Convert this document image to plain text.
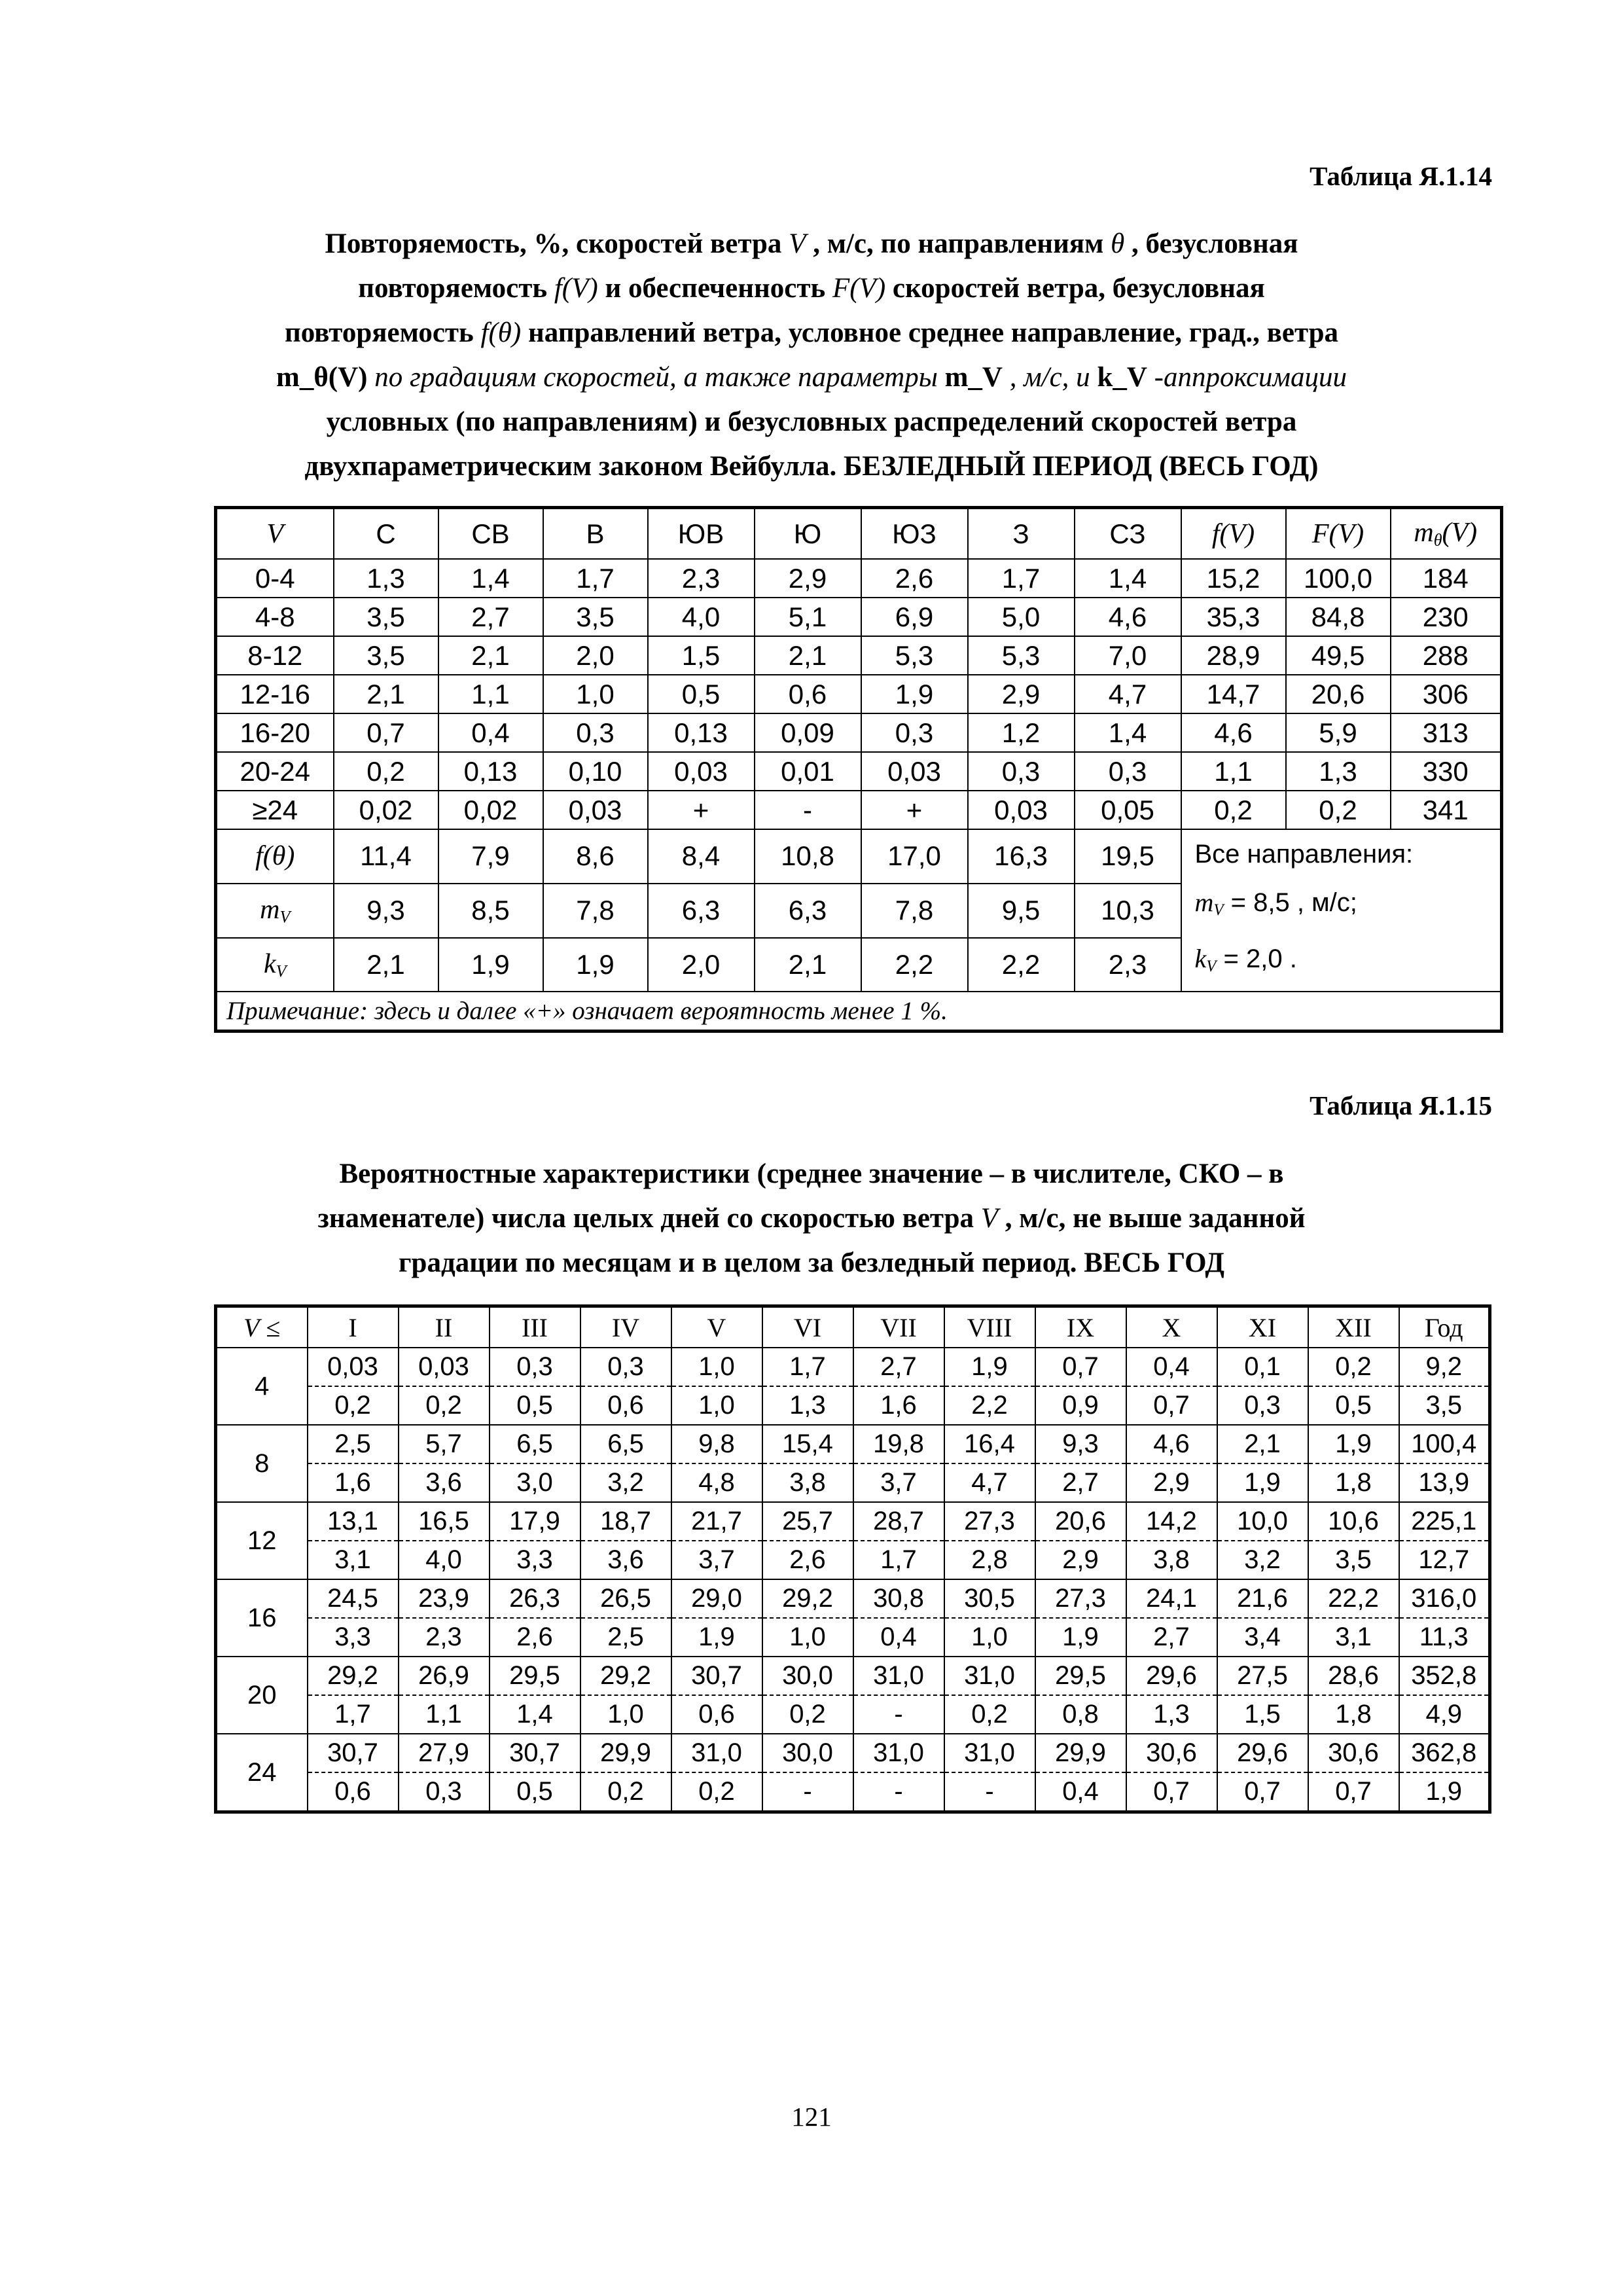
Таблица Я.1.14
Повторяемость, %, скоростей ветра V , м/с, по направлениям θ , безусловная
повторяемость f(V) и обеспеченность F(V) скоростей ветра, безусловная
повторяемость f(θ) направлений ветра, условное среднее направление, град., ветра
m_θ(V) по градациям скоростей, а также параметры m_V , м/с, и k_V -аппроксимации
условных (по направлениям) и безусловных распределений скоростей ветра
двухпараметрическим законом Вейбулла. БЕЗЛЕДНЫЙ ПЕРИОД (ВЕСЬ ГОД)
V	С	СВ	В	ЮВ	Ю	ЮЗ	З	СЗ	f(V)	F(V)	$m_\theta(V)$
0-4	1,3	1,4	1,7	2,3	2,9	2,6	1,7	1,4	15,2	100,0	184
4-8	3,5	2,7	3,5	4,0	5,1	6,9	5,0	4,6	35,3	84,8	230
8-12	3,5	2,1	2,0	1,5	2,1	5,3	5,3	7,0	28,9	49,5	288
12-16	2,1	1,1	1,0	0,5	0,6	1,9	2,9	4,7	14,7	20,6	306
16-20	0,7	0,4	0,3	0,13	0,09	0,3	1,2	1,4	4,6	5,9	313
20-24	0,2	0,13	0,10	0,03	0,01	0,03	0,3	0,3	1,1	1,3	330
≥24	0,02	0,02	0,03	+	-	+	0,03	0,05	0,2	0,2	341
f(θ)	11,4	7,9	8,6	8,4	10,8	17,0	16,3	19,5	Все направления:
$m_V = 8,5$ , м/с;
$k_V = 2,0$ .		

$m_V$	9,3	8,5	7,8	6,3	6,3	7,8	9,5	10,3			
$k_V$	2,1	1,9	1,9	2,0	2,1	2,2	2,2	2,3			
Примечание: здесь и далее «+» означает вероятность менее 1 %.											
Таблица Я.1.15
Вероятностные характеристики (среднее значение – в числителе, СКО – в
знаменателе) числа целых дней со скоростью ветра V , м/с, не выше заданной
градации по месяцам и в целом за безледный период. ВЕСЬ ГОД
V ≤	I	II	III	IV	V	VI	VII	VIII	IX	X	XI	XII	Год
4	0,03	0,03	0,3	0,3	1,0	1,7	2,7	1,9	0,7	0,4	0,1	0,2	9,2
	0,2	0,2	0,5	0,6	1,0	1,3	1,6	2,2	0,9	0,7	0,3	0,5	3,5
8	2,5	5,7	6,5	6,5	9,8	15,4	19,8	16,4	9,3	4,6	2,1	1,9	100,4
	1,6	3,6	3,0	3,2	4,8	3,8	3,7	4,7	2,7	2,9	1,9	1,8	13,9
12	13,1	16,5	17,9	18,7	21,7	25,7	28,7	27,3	20,6	14,2	10,0	10,6	225,1
	3,1	4,0	3,3	3,6	3,7	2,6	1,7	2,8	2,9	3,8	3,2	3,5	12,7
16	24,5	23,9	26,3	26,5	29,0	29,2	30,8	30,5	27,3	24,1	21,6	22,2	316,0
	3,3	2,3	2,6	2,5	1,9	1,0	0,4	1,0	1,9	2,7	3,4	3,1	11,3
20	29,2	26,9	29,5	29,2	30,7	30,0	31,0	31,0	29,5	29,6	27,5	28,6	352,8
	1,7	1,1	1,4	1,0	0,6	0,2	-	0,2	0,8	1,3	1,5	1,8	4,9
24	30,7	27,9	30,7	29,9	31,0	30,0	31,0	31,0	29,9	30,6	29,6	30,6	362,8
	0,6	0,3	0,5	0,2	0,2	-	-	-	0,4	0,7	0,7	0,7	1,9
121
